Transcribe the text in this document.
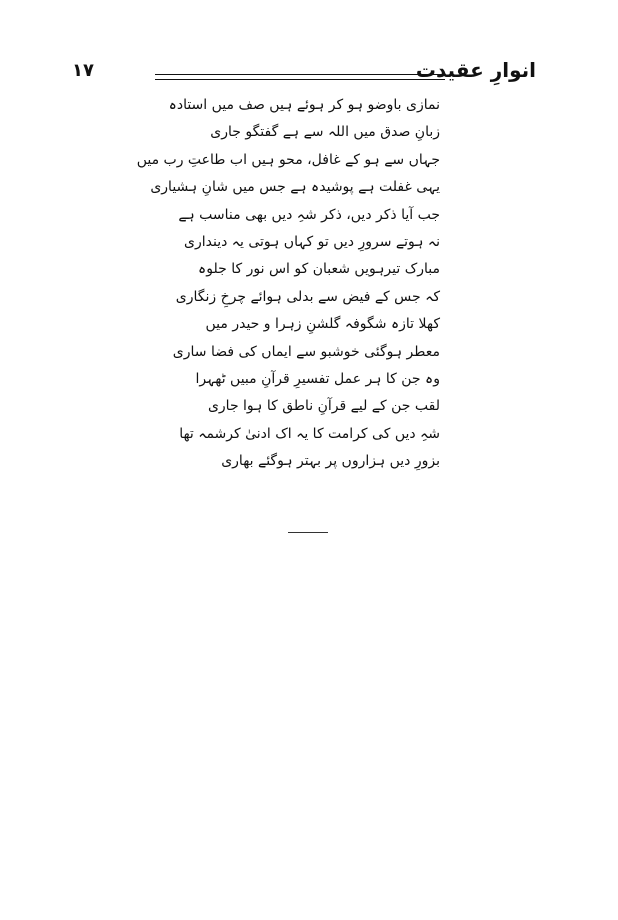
انوارِ عقیدت
۱۷
نمازی باوضو ہو کر ہوئے ہیں صف میں استادہ
زبانِ صدق میں اللہ سے ہے گفتگو جاری
جہاں سے ہو کے غافل، محو ہیں اب طاعتِ رب میں
یہی غفلت ہے پوشیدہ ہے جس میں شانِ ہشیاری
جب آیا ذکر دیں، ذکر شہِ دیں بھی مناسب ہے
نہ ہوتے سرورِ دیں تو کہاں ہوتی یہ دینداری
مبارک تیرہویں شعبان کو اس نور کا جلوہ
کہ جس کے فیض سے بدلی ہوائے چرخِ زنگاری
کھلا تازہ شگوفہ گلشنِ زہرا و حیدر میں
معطر ہوگئی خوشبو سے ایماں کی فضا ساری
وہ جن کا ہر عمل تفسیرِ قرآنِ مبیں ٹھہرا
لقب جن کے لیے قرآنِ ناطق کا ہوا جاری
شہِ دیں کی کرامت کا یہ اک ادنیٰ کرشمہ تھا
بزورِ دیں ہزاروں پر بہتر ہوگئے بھاری
